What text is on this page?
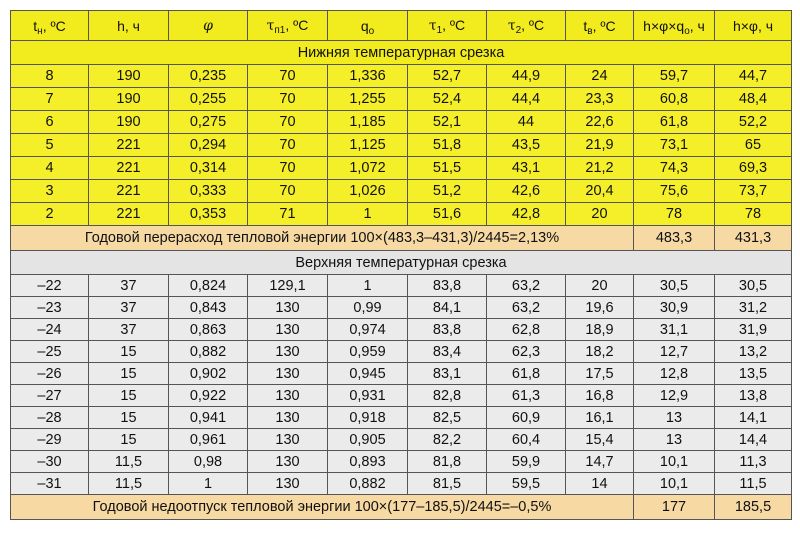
$t_н$, ºС	h, ч	φ	$\tau_{п1}$, ºС	$q_о$	$\tau_1$, ºС	$\tau_2$, ºС	$t_в$, ºС	$h\times\varphi\times q_о$, ч	h×φ, ч
Нижняя температурная срезка									
8	190	0,235	70	1,336	52,7	44,9	24	59,7	44,7
7	190	0,255	70	1,255	52,4	44,4	23,3	60,8	48,4
6	190	0,275	70	1,185	52,1	44	22,6	61,8	52,2
5	221	0,294	70	1,125	51,8	43,5	21,9	73,1	65
4	221	0,314	70	1,072	51,5	43,1	21,2	74,3	69,3
3	221	0,333	70	1,026	51,2	42,6	20,4	75,6	73,7
2	221	0,353	71	1	51,6	42,8	20	78	78
Годовой перерасход тепловой энергии 100×(483,3–431,3)/2445=2,13%								483,3	431,3
Верхняя температурная срезка									
–22	37	0,824	129,1	1	83,8	63,2	20	30,5	30,5
–23	37	0,843	130	0,99	84,1	63,2	19,6	30,9	31,2
–24	37	0,863	130	0,974	83,8	62,8	18,9	31,1	31,9
–25	15	0,882	130	0,959	83,4	62,3	18,2	12,7	13,2
–26	15	0,902	130	0,945	83,1	61,8	17,5	12,8	13,5
–27	15	0,922	130	0,931	82,8	61,3	16,8	12,9	13,8
–28	15	0,941	130	0,918	82,5	60,9	16,1	13	14,1
–29	15	0,961	130	0,905	82,2	60,4	15,4	13	14,4
–30	11,5	0,98	130	0,893	81,8	59,9	14,7	10,1	11,3
–31	11,5	1	130	0,882	81,5	59,5	14	10,1	11,5
Годовой недоотпуск тепловой энергии 100×(177–185,5)/2445=–0,5%								177	185,5
